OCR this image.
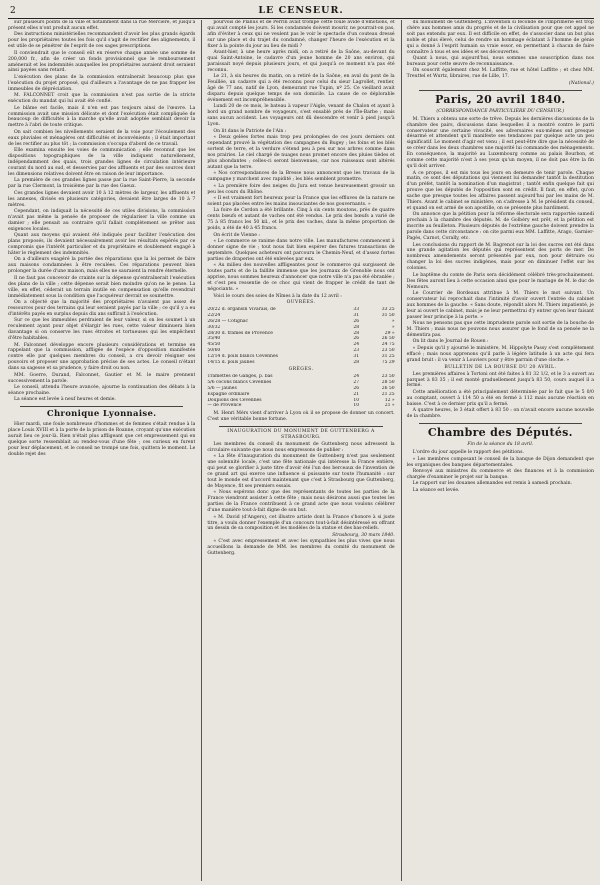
2	LE CENSEUR.

sur plusieurs points de la ville et notamment dans la rue Mercière, et jusqu'à présent elles n'ont produit aucun effet.

Des instructions ministérielles recommandent d'avoir les plus grands égards pour les propriétaires toutes les fois qu'il s'agit de rectifier des alignements, il est utile de se pénétrer de l'esprit de ces sages prescriptions.

Il conviendrait que le conseil eût en réserve chaque année une somme de 200,000 fr., afin de créer un fonds provisionnel que le remboursement amènerait et les indemnités auxquelles les propriétaires auraient droit seraient ainsi payées sans retard.

L'exécution des plans de la commission entraînerait beaucoup plus que l'exécution du projet proposé, qui d'ailleurs a l'avantage de ne pas frapper les immeubles de dépréciation.

M. FALCONNET croit que la commission n'est pas sortie de la stricte exécution du mandat qui lui avait été confié.

Le blâme est facile, mais il n'en est pas toujours ainsi de l'œuvre. La commission avait une mission délicate et dont l'exécution était compliquée de beaucoup de difficultés à la marche qu'elle avait adoptée semblait devoir la mettre à l'abri de toute critique.

On sait combien les nivellements seraient de la voie pour l'écoulement des eaux pluviales et ménagères ont difficultés et inconvénients ; il était important de les rectifier au plus tôt ; la commission s'occupa d'abord de ce travail.

Elle examina ensuite les voies de communication ; elle reconnut que les dispositions topographiques de la ville indiquent naturellement, indépendamment des quais, trois grandes lignes de circulation intérieure courant du nord au sud, et desservies par des affluents et par des sources dont les dimensions relatives doivent être en raison de leur importance.

La première de ces grandes lignes passe par la rue Saint-Pierre, la seconde par la rue Clermont, la troisième par la rue des Gaeux.

Ces grandes lignes devaient avoir 10 à 12 mètres de largeur, les affluents et les annexes, divisés en plusieurs catégories, devaient être larges de 10 à 7 mètres.

Cependant, on indiquait la nécessité de ces utiles divisions, la commission n'avait pas même la pensée de proposer de régulariser la ville comme un damier ; elle pensait au contraire qu'il fallait complètement se prêter aux exigences locales.

Quant aux moyens qui avaient été indiqués pour faciliter l'exécution des plans proposés, ils devaient nécessairement avoir les résultats espérés par ce compromis que l'intérêt particulier et du propriétaire et doublement engagé à hâter le règlement des indemnités.

On a d'ailleurs exagéré la portée des réparations que la loi permet de faire aux maisons condamnées à être reculées. Ces réparations peuvent bien prolonger la durée d'une maison, mais elles ne sauraient la rendre éternelle.

Il ne faut pas concevoir de crainte sur la dépense qu'entraînerait l'exécution des plans de la ville ; cette dépense serait bien moindre qu'on ne le pense. La ville, en effet, céderait un terrain inutile en compensation qu'elle revendrait immédiatement sous la condition que l'acquéreur devrait se soumettre.

On a objecté que la majorité des propriétaires n'avaient pas assez de ressources pour des terrains qui leur seraient payés par la ville ; ce qu'il y a eu d'intérêts payés en surplus depuis dix ans suffirait à l'exécution.

Sur ce que les immeubles perdraient de leur valeur, si on les soumet à un reculement ayant pour objet d'élargir les rues, cette valeur diminuera bien davantage si on conserve les rues étroites et tortueuses qui les empêchent d'être habitables.

M. Falconnet développe encore plusieurs considérations et termine en rappelant que la commission, affligée de l'espèce d'opposition manifestée contre elle par quelques membres du conseil, a cru devoir résigner ses pouvoirs et proposer une approbation précise de ses actes. Le conseil n'étant dans sa sagesse et sa prudence, y faire droit ou non.

MM. Goerre, Durand, Falconnet, Gautier et M. le maire prennent successivement la parole.

Le conseil, attendu l'heure avancée, ajourne la continuation des débats à la séance prochaine.

La séance est levée à neuf heures et demie.

Chronique Lyonnaise.

Hier mardi, une foule nombreuse d'hommes et de femmes s'était rendue à la place Louis XVIII et à la porte de la prison de Roanne, croyant qu'une exécution aurait lieu ce jour-là. Rien n'était plus affligeant que cet empressement qui en quelque sorte ressemblait au rendez-vous d'une fête ; ces curieux en furent pour leur déplacement, et le conseil ne trompé une fois, quittera le moment. Le double rejet des

pourvois de Planus et de Perrin avait trompé cette foule avide d'émotions, et qui avait compté les jours. Si les condamnés doivent mourir, ne pourrait-on pas, afin d'éviter à ceux qui ne veulent pas le voir le spectacle d'un couteau dressé sur une place et du trajet du condamné, changer l'heure de l'exécution et la fixer à la pointe du jour au lieu de midi ?

Avant-hier, à une heure après midi, on a retiré de la Saône, au-devant du quai Saint-Antoine, le cadavre d'un jeune homme de 20 ans environ, qui paraissait noyé depuis plusieurs jours, et qui jusqu'à ce moment n'a pas été reconnu.

Le 21, à six heures du matin, on a retiré de la Saône, en aval du pont de la Feuillée, un cadavre qui a été reconnu pour celui du sieur Lagrollet, rentier, âgé de 77 ans, natif de Lyon, demeurant rue Tupin, nº 25. Ce vieillard avait disparu depuis quelque temps de son domicile. La cause de ce déplorable événement est incompréhensible.

Lundi 20 de ce mois, le bateau à vapeur l'Aigle, venant de Chalon et ayant à bord un grand nombre de voyageurs, s'est ensablé près de l'Île-Barbe ; mais sans aucun accident. Les voyageurs ont dû descendre et venir à pied jusqu'à Lyon.

On lit dans le Patriote de l'Ain :

« Deux gelées fortes mais trop peu prolongées de ces jours derniers ont cependant prouvé la végétation des campagnes du Bugey ; les foins et les blés sortent de terre, et la verdure s'étend peu à peu sur nos arbres comme dans nos prairies. Le ciel chargé de nuages nous promet encore des pluies tièdes et plus abondantes ; celles-ci seront bienvenues, car nos ruisseaux sont altérés autant que la terre.

« Nos correspondances de la Bresse nous annoncent que les travaux de la campagne y marchent avec rapidité ; les blés semblent promettre.

« La première foire des neiges du Jura est venue heureusement grossir un peu les cours du Rhône.

« Il est vraiment fort heureux pour la France que les effluves de la nature ne soient pas placées entre les mains insouciantes de nos gouvernants. »

La foire de Cerdon a été brillante. Cinq à six cents moutons, près de quatre cents bœufs et autant de vaches ont été vendus. Le prix des bœufs a varié de 75 à 85 francs les 50 kil., et le prix des vaches, dans la même proportion de poids, a été de 40 à 45 francs.

On écrit de Vienne :

« Le commerce se ranime dans notre ville. Les manufactures commencent à donner signe de vie ; tout nous fait bien espérer des futures transactions de septembre. Quelques acheteurs ont parcouru le Chemin-Neuf, et d'assez fortes parties de draperies ont été enlevées par eux.

« Au milieu des nouvelles affligeantes pour le commerce qui surgissent de toutes parts et de la faillite immense que les journaux de Grenoble nous ont apprise, nous sommes heureux d'annoncer que notre ville n'a pas été ébranlée ; et c'est peu ressentie de ce choc qui vient de frapper le crédit de tant de négociants. »

Voici le cours des soies de Nîmes à la date du 12 avril :

OUVRÉES.
20/22 d. organsin Vivarais, de	33	33 25
22/24	31	31 50
26/28 — Cotignac	26	»
30/32	28	»
28/30 d. trames de Provence	28	29 »
35/40	26	26 50
45/50	24	24 75
50/60	23	23 50
12/14 d. poils blancs Cevennes	31	31 25
14/15 d. poils jaunes	28	75 29
GRÈGES.
Tramettes de Ganges, p. bas	24	23 50
5/6 cocons blancs Cevennes	27	28 50
5/6 — jaunes	26	26 50
Espagne ordinaire	21	21 25
Doupions des Cevennes	10	12 »
— de Provence	10	21 »

M. Henri Mérs vient d'arriver à Lyon où il se propose de donner un concert. C'est une véritable bonne fortune.

INAUGURATION DU MONUMENT DE GUTTENBERG A STRASBOURG.

Les membres du conseil du monument de Guttenberg nous adressent la circulaire suivante que nous nous empressons de publier :

« La fête d'inauguration du monument de Guttenberg n'est pas seulement une solennité locale, c'est une fête nationale qui intéresse la France entière, qui peut se glorifier à juste titre d'avoir été l'un des berceaux de l'invention de ce grand art qui exerce une influence si puissante sur toute l'humanité : sur tout le monde est d'accord maintenant que c'est à Strasbourg que Guttenberg, de Mayence, fit ses premiers essais.

« Nous espérons donc que des représentants de toutes les parties de la France viendront assister à cette fête ; mais nous désirons aussi que toutes les parties de la France contribuent à ce grand acte que nous voulons célébrer d'une manière tout-à-fait digne de son but.

« M. David (d'Angers), cet illustre artiste dont la France s'honore à si juste titre, a voulu donner l'exemple d'un concours tout-à-fait désintéressé en offrant un dessin de sa composition et les modèles de la statue et des bas-reliefs.

Strasbourg, 30 mars 1840.

« C'est avec empressement et avec les sympathies les plus vives que nous accueillons la demande de MM. les membres du comité du monument de Guttenberg.

du monument de Guttenberg. L'invention si féconde de l'imprimerie est trop chère aux hommes amis du progrès et de la civilisation pour que cet appel ne soit pas entendu par eux. Il est difficile en effet, de s'associer dans un but plus noble et plus élevé, celui de rendre un hommage éclatant à l'homme de génie qui a donné à l'esprit humain sa vraie essor, en permettant à chacun de faire connaître à tous et ses idées et ses découvertes.

Quant à nous, qui aujourd'hui, nous sommes une souscription dans nos bureaux pour cette œuvre de reconnaissance.

On souscrit également chez M. Laffitte, rue et hôtel Laffitte ; et chez MM. Treuttel et Wurtz, libraires, rue de Lille, 17.

(National.)

Paris, 20 avril 1840.
(CORRESPONDANCE PARTICULIÈRE DU CENSEUR.)

M. Thiers a obtenu une sorte de trêve. Depuis les dernières discussions de la chambre des pairs, discussions dans lesquelles il a montré contre le parti conservateur une certaine vivacité, ses adversaires eux-mêmes ont presque désarmé et attendent qu'il manifeste ses tendances par quelque acte un peu significatif. Le moment d'agir est venu ; il est peut-être dire que la nécessité de se créer dans les deux chambres une majorité lui commande des ménagements. En conséquence, la majorité au Luxembourg comme au palais Bourbon, et comme cette majorité n'est à ses yeux qu'un moyen, il ne doit pas être la fin qu'il doit arriver.

A ce propos, il est mis tous les jours en demeure de tenir parole. Chaque matin, ce sont des députations qui viennent lui demander tantôt la destitution d'un préfet, tantôt la nomination d'un magistrat ; tantôt enfin quelque fait qui prouve que les députés de l'opposition sont en crédit. Il faut, en effet, qu'on sache que presque toutes les affaires passent aujourd'hui par les mains de M. Thiers. Avant le cabinet se ministère, on s'adresse à M. le président du conseil, et quand on est armé de son apostille, on se présente plus hardiment.

On annonce que la pétition pour la réforme électorale sera rapportée samedi prochain à la chambre des députés. M. de Golbéry est prêt, et la pétition est inscrite au feuilleton. Plusieurs députés de l'extrême gauche doivent prendre la parole dans cette circonstance : on cite parmi eux MM. Laffitte, Arago, Garnier-Pagès, Carnot, Corally, etc.

Les conclusions du rapport de M. Bagrenot sur la loi des sucres ont été dans une grande agitation les députés qui représentent des ports de mer. De nombreux amendements seront présentés par eux, non pour détruire ou changer la loi des sucres indigènes, mais pour en diminuer l'effet sur les colonies.

Le baptême du comte de Paris sera décidément célébré très-prochainement. Des fêtes auront lieu à cette occasion ainsi que pour le mariage de M. le duc de Nemours.

Le Courrier de Bordeaux attribue à M. Thiers le mot suivant. Un conservateur lui reprochait dans l'intimité d'avoir ouvert l'entrée du cabinet aux hommes de la gauche. « Sans doute, répondit alors M. Thiers impatienté, je leur ai ouvert le cabinet, mais je ne leur permettrai d'y entrer qu'en leur faisant passer leur principe à la porte. »

Nous ne pensons pas que cette imprudente parole soit sortie de la bouche de M. Thiers ; mais nous ne pouvons nous assurer que le fond de sa pensée ne la démentira pas.

On lit dans le Journal de Rouen :

« Depuis qu'il y ajourné le ministère, M. Hippolyte Passy s'est complètement effacé ; mais nous apprenons qu'il parle à légère latitude à un acte qui fera grand bruit : il va venir à Louviers pour y être parrain d'une cloche. »

BULLETIN DE LA BOURSE DU 20 AVRIL.

Les premières affaires à Tortoni ont été faites à 81 32 1/2, et le 3 a ouvert au parquet à 83 35 ; il est monté graduellement jusqu'à 83 50, cours auquel il a fermé.

Cette amélioration a été principalement déterminée par le fait que le 5 0/0 au comptant, ouvert à 114 50 a été en fermé à 112 mais aucune réaction en baisse. C'est à ce dernier prix qu'il a fermé.

A quatre heures, le 3 était offert à 83 50 : on n'avait encore aucune nouvelle de la chambre.

Chambre des Députés.
Fin de la séance du 18 avril.

L'ordre du jour appelle le rapport des pétitions.

« Les membres composant le conseil de la banque de Dijon demandent que les organiques des banques départementales.

Renvoyé aux ministres du commerce et des finances et à la commission chargée d'examiner le projet sur la banque.

Le rapport sur les douanes allemandes est remis à samedi prochain.

La séance est levée.
